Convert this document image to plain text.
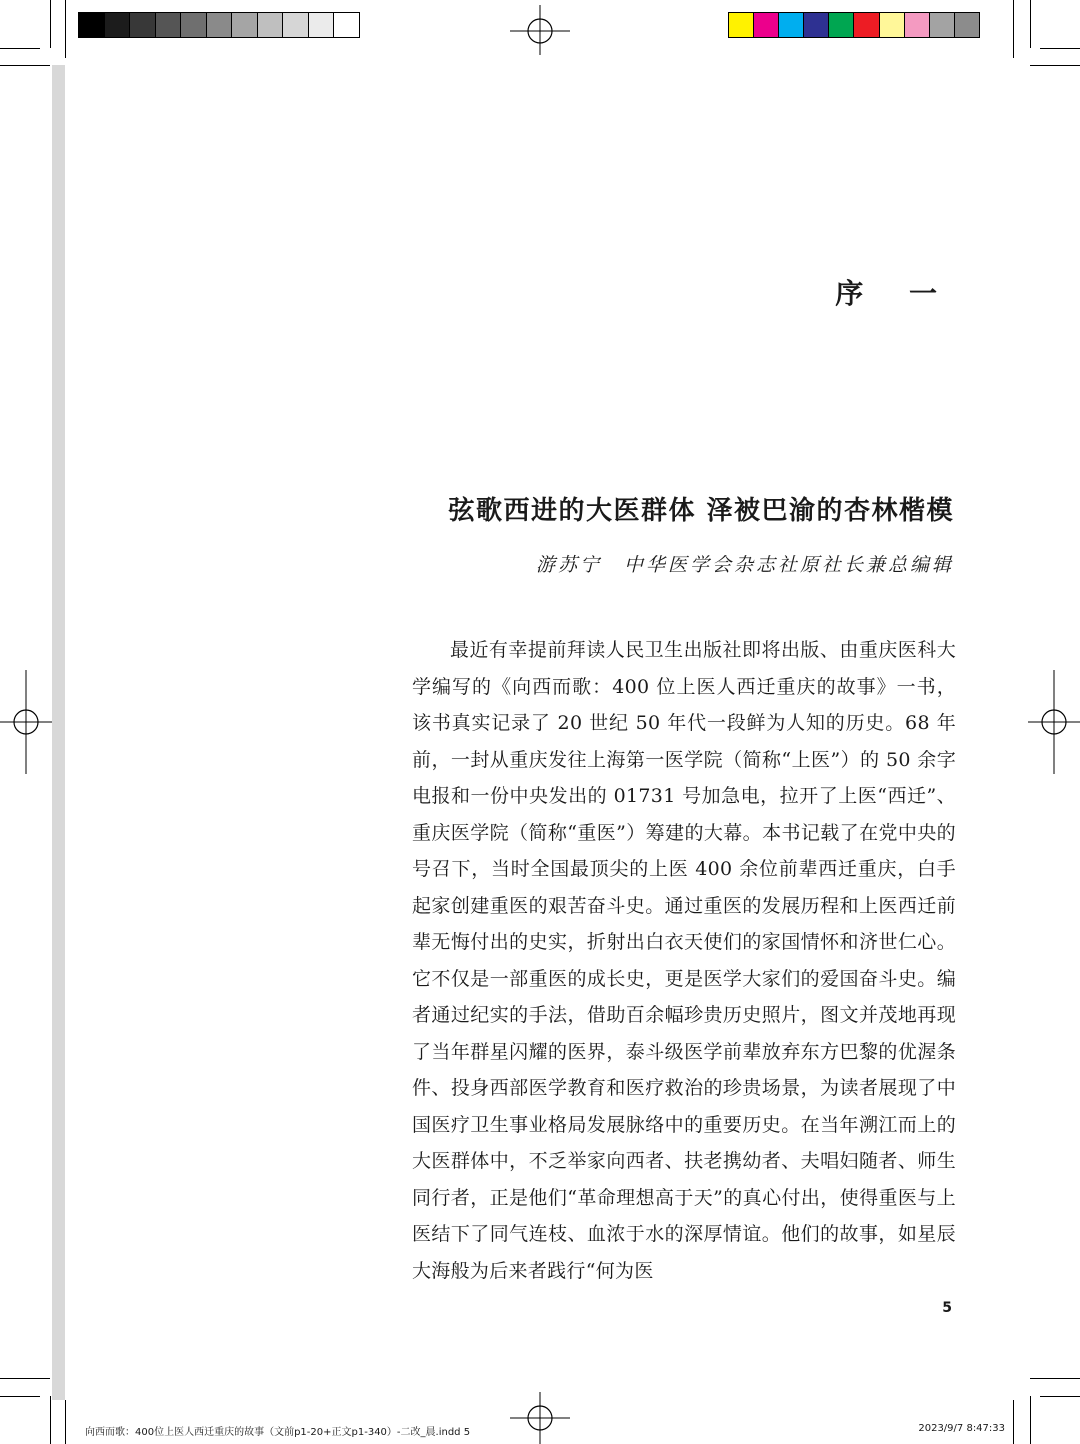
序 一
弦歌西进的大医群体 泽被巴渝的杏林楷模

游苏宁 中华医学会杂志社原社长兼总编辑

最近有幸提前拜读人民卫生出版社即将出版、由重庆医科大学编写的《向西而歌：400 位上医人西迁重庆的故事》一书，该书真实记录了 20 世纪 50 年代一段鲜为人知的历史。68 年前，一封从重庆发往上海第一医学院（简称“上医”）的 50 余字电报和一份中央发出的 01731 号加急电，拉开了上医“西迁”、重庆医学院（简称“重医”）筹建的大幕。本书记载了在党中央的号召下，当时全国最顶尖的上医 400 余位前辈西迁重庆，白手起家创建重医的艰苦奋斗史。通过重医的发展历程和上医西迁前辈无悔付出的史实，折射出白衣天使们的家国情怀和济世仁心。它不仅是一部重医的成长史，更是医学大家们的爱国奋斗史。编者通过纪实的手法，借助百余幅珍贵历史照片，图文并茂地再现了当年群星闪耀的医界，泰斗级医学前辈放弃东方巴黎的优渥条件、投身西部医学教育和医疗救治的珍贵场景，为读者展现了中国医疗卫生事业格局发展脉络中的重要历史。在当年溯江而上的大医群体中，不乏举家向西者、扶老携幼者、夫唱妇随者、师生同行者，正是他们“革命理想高于天”的真心付出，使得重医与上医结下了同气连枝、血浓于水的深厚情谊。他们的故事，如星辰大海般为后来者践行“何为医

5
向西而歌：400位上医人西迁重庆的故事（文前p1-20+正文p1-340）-二改_晨.indd 5	2023/9/7 8:47:33
